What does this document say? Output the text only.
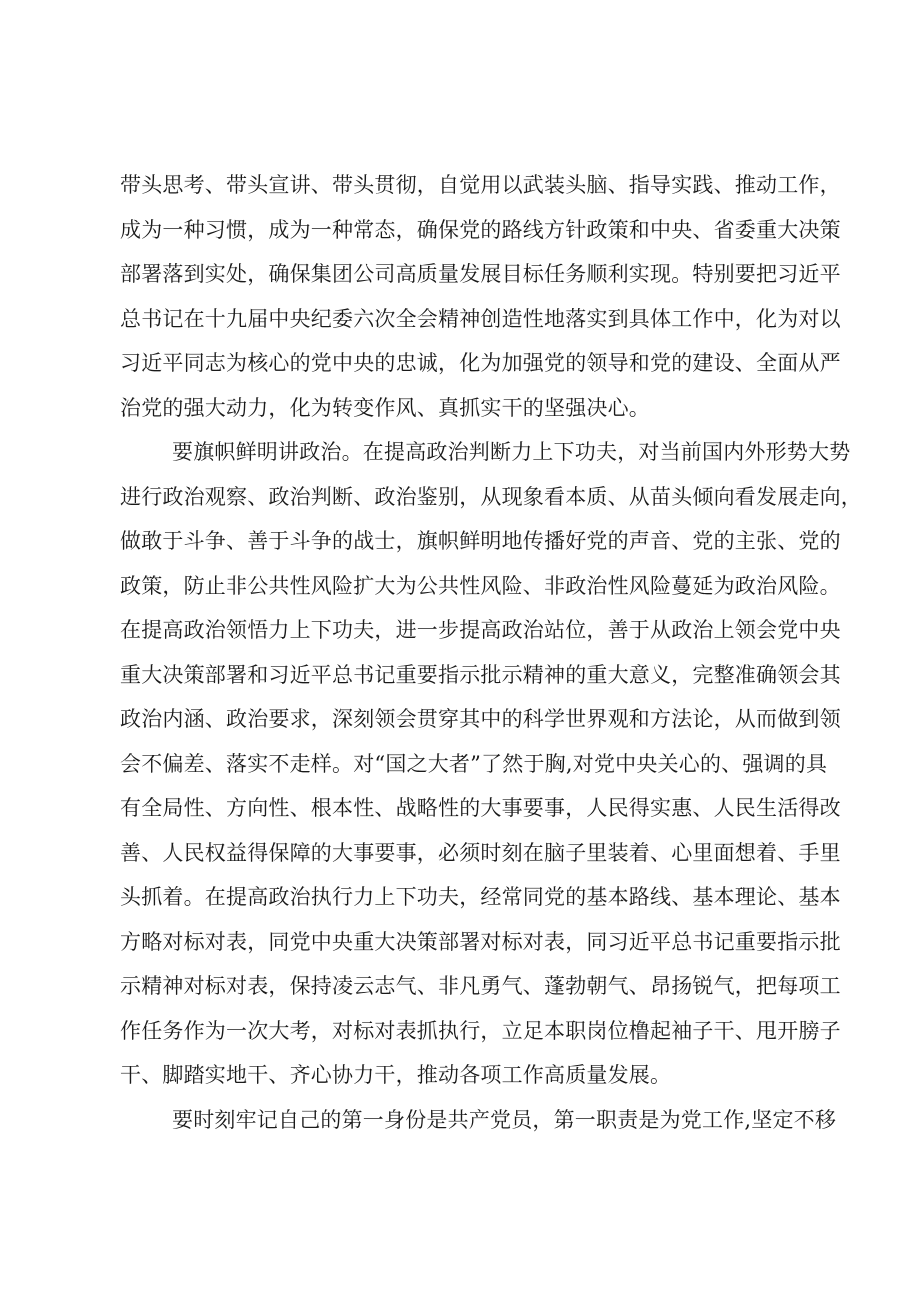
带头思考、带头宣讲、带头贯彻，自觉用以武装头脑、指导实践、推动工作，
成为一种习惯，成为一种常态，确保党的路线方针政策和中央、省委重大决策
部署落到实处，确保集团公司高质量发展目标任务顺利实现。特别要把习近平
总书记在十九届中央纪委六次全会精神创造性地落实到具体工作中，化为对以
习近平同志为核心的党中央的忠诚，化为加强党的领导和党的建设、全面从严
治党的强大动力，化为转变作风、真抓实干的坚强决心。
要旗帜鲜明讲政治。在提高政治判断力上下功夫，对当前国内外形势大势
进行政治观察、政治判断、政治鉴别，从现象看本质、从苗头倾向看发展走向，
做敢于斗争、善于斗争的战士，旗帜鲜明地传播好党的声音、党的主张、党的
政策，防止非公共性风险扩大为公共性风险、非政治性风险蔓延为政治风险。
在提高政治领悟力上下功夫，进一步提高政治站位，善于从政治上领会党中央
重大决策部署和习近平总书记重要指示批示精神的重大意义，完整准确领会其
政治内涵、政治要求，深刻领会贯穿其中的科学世界观和方法论，从而做到领
会不偏差、落实不走样。对“国之大者”了然于胸,对党中央关心的、强调的具
有全局性、方向性、根本性、战略性的大事要事，人民得实惠、人民生活得改
善、人民权益得保障的大事要事，必须时刻在脑子里装着、心里面想着、手里
头抓着。在提高政治执行力上下功夫，经常同党的基本路线、基本理论、基本
方略对标对表，同党中央重大决策部署对标对表，同习近平总书记重要指示批
示精神对标对表，保持凌云志气、非凡勇气、蓬勃朝气、昂扬锐气，把每项工
作任务作为一次大考，对标对表抓执行，立足本职岗位橹起袖子干、甩开膀子
干、脚踏实地干、齐心协力干，推动各项工作高质量发展。
要时刻牢记自己的第一身份是共产党员，第一职责是为党工作,坚定不移
